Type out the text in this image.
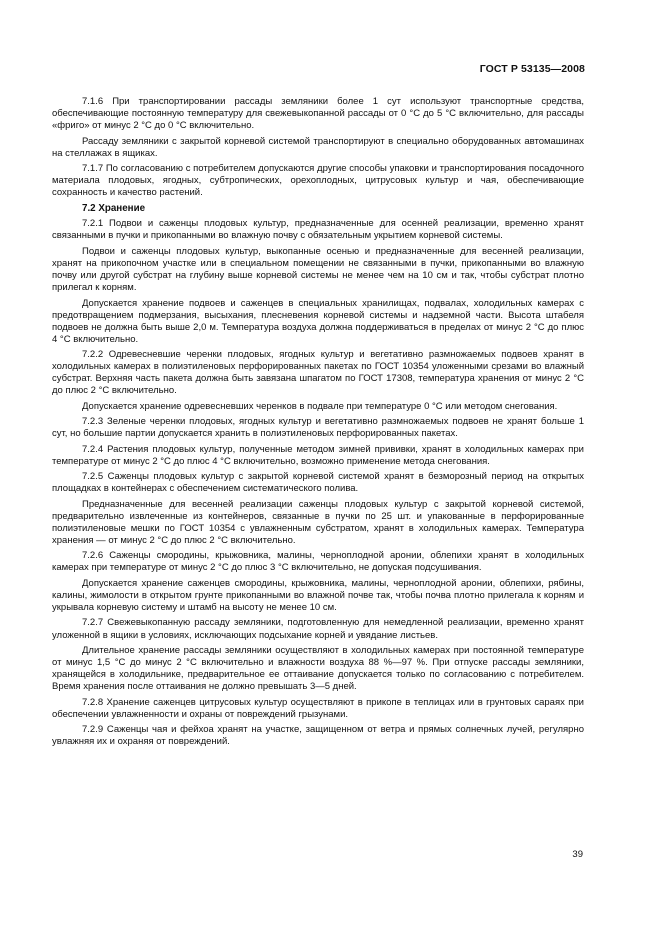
ГОСТ Р 53135—2008

7.1.6 При транспортировании рассады земляники более 1 сут используют транспортные средства, обеспечивающие постоянную температуру для свежевыкопанной рассады от 0 °С до 5 °С включительно, для рассады «фриго» от минус 2 °С до 0 °С включительно.

Рассаду земляники с закрытой корневой системой транспортируют в специально оборудованных автомашинах на стеллажах в ящиках.

7.1.7 По согласованию с потребителем допускаются другие способы упаковки и транспортирования посадочного материала плодовых, ягодных, субтропических, орехоплодных, цитрусовых культур и чая, обеспечивающие сохранность и качество растений.

7.2 Хранение

7.2.1 Подвои и саженцы плодовых культур, предназначенные для осенней реализации, временно хранят связанными в пучки и прикопанными во влажную почву с обязательным укрытием корневой системы.

Подвои и саженцы плодовых культур, выкопанные осенью и предназначенные для весенней реализации, хранят на прикопочном участке или в специальном помещении не связанными в пучки, прикопанными во влажную почву или другой субстрат на глубину выше корневой системы не менее чем на 10 см и так, чтобы субстрат плотно прилегал к корням.

Допускается хранение подвоев и саженцев в специальных хранилищах, подвалах, холодильных камерах с предотвращением подмерзания, высыхания, плесневения корневой системы и надземной части. Высота штабеля подвоев не должна быть выше 2,0 м. Температура воздуха должна поддерживаться в пределах от минус 2 °С до плюс 4 °С включительно.

7.2.2 Одревесневшие черенки плодовых, ягодных культур и вегетативно размножаемых подвоев хранят в холодильных камерах в полиэтиленовых перфорированных пакетах по ГОСТ 10354 уложенными срезами во влажный субстрат. Верхняя часть пакета должна быть завязана шпагатом по ГОСТ 17308, температура хранения от минус 2 °С до плюс 2 °С включительно.

Допускается хранение одревесневших черенков в подвале при температуре 0 °С или методом снегования.

7.2.3 Зеленые черенки плодовых, ягодных культур и вегетативно размножаемых подвоев не хранят больше 1 сут, но большие партии допускается хранить в полиэтиленовых перфорированных пакетах.

7.2.4 Растения плодовых культур, полученные методом зимней прививки, хранят в холодильных камерах при температуре от минус 2 °С до плюс 4 °С включительно, возможно применение метода снегования.

7.2.5 Саженцы плодовых культур с закрытой корневой системой хранят в безморозный период на открытых площадках в контейнерах с обеспечением систематического полива.

Предназначенные для весенней реализации саженцы плодовых культур с закрытой корневой системой, предварительно извлеченные из контейнеров, связанные в пучки по 25 шт. и упакованные в перфорированные полиэтиленовые мешки по ГОСТ 10354 с увлажненным субстратом, хранят в холодильных камерах. Температура хранения — от минус 2 °С до плюс 2 °С включительно.

7.2.6 Саженцы смородины, крыжовника, малины, черноплодной аронии, облепихи хранят в холодильных камерах при температуре от минус 2 °С до плюс 3 °С включительно, не допуская подсушивания.

Допускается хранение саженцев смородины, крыжовника, малины, черноплодной аронии, облепихи, рябины, калины, жимолости в открытом грунте прикопанными во влажной почве так, чтобы почва плотно прилегала к корням и укрывала корневую систему и штамб на высоту не менее 10 см.

7.2.7 Свежевыкопанную рассаду земляники, подготовленную для немедленной реализации, временно хранят уложенной в ящики в условиях, исключающих подсыхание корней и увядание листьев.

Длительное хранение рассады земляники осуществляют в холодильных камерах при постоянной температуре от минус 1,5 °С до минус 2 °С включительно и влажности воздуха 88 %—97 %. При отпуске рассады земляники, хранящейся в холодильнике, предварительное ее оттаивание допускается только по согласованию с потребителем. Время хранения после оттаивания не должно превышать 3—5 дней.

7.2.8 Хранение саженцев цитрусовых культур осуществляют в прикопе в теплицах или в грунтовых сараях при обеспечении увлажненности и охраны от повреждений грызунами.

7.2.9 Саженцы чая и фейхоа хранят на участке, защищенном от ветра и прямых солнечных лучей, регулярно увлажняя их и охраняя от повреждений.

39
